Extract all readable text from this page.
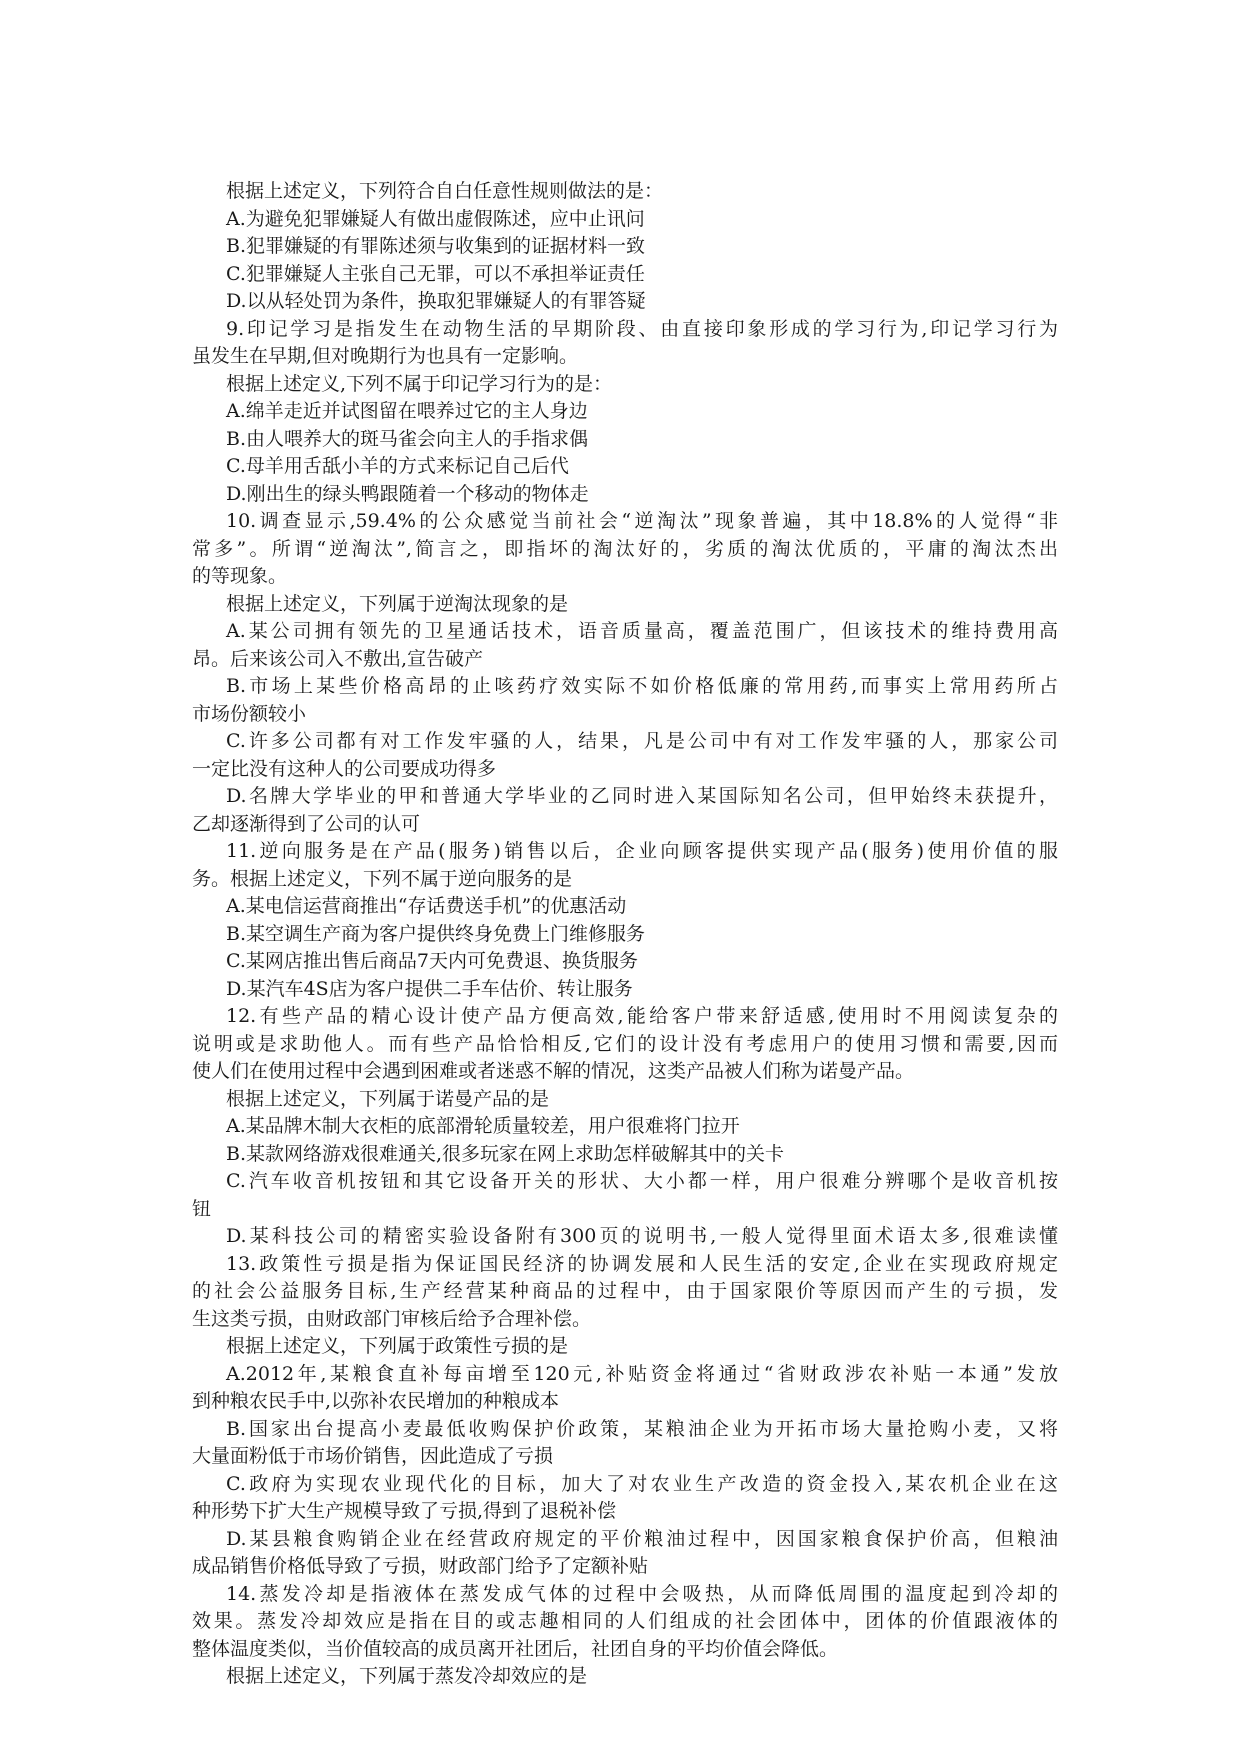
根据上述定义，下列符合自白任意性规则做法的是：
A.为避免犯罪嫌疑人有做出虚假陈述，应中止讯问
B.犯罪嫌疑的有罪陈述须与收集到的证据材料一致
C.犯罪嫌疑人主张自己无罪，可以不承担举证责任
D.以从轻处罚为条件，换取犯罪嫌疑人的有罪答疑
9.印记学习是指发生在动物生活的早期阶段、由直接印象形成的学习行为,印记学习行为
虽发生在早期,但对晚期行为也具有一定影响。
根据上述定义,下列不属于印记学习行为的是：
A.绵羊走近并试图留在喂养过它的主人身边
B.由人喂养大的斑马雀会向主人的手指求偶
C.母羊用舌舐小羊的方式来标记自己后代
D.刚出生的绿头鸭跟随着一个移动的物体走
10.调查显示,59.4%的公众感觉当前社会“逆淘汰”现象普遍，其中18.8%的人觉得“非
常多”。所谓“逆淘汰”,简言之，即指坏的淘汰好的，劣质的淘汰优质的，平庸的淘汰杰出
的等现象。
根据上述定义，下列属于逆淘汰现象的是
A.某公司拥有领先的卫星通话技术，语音质量高，覆盖范围广，但该技术的维持费用高
昂。后来该公司入不敷出,宣告破产
B.市场上某些价格高昂的止咳药疗效实际不如价格低廉的常用药,而事实上常用药所占
市场份额较小
C.许多公司都有对工作发牢骚的人，结果，凡是公司中有对工作发牢骚的人，那家公司
一定比没有这种人的公司要成功得多
D.名牌大学毕业的甲和普通大学毕业的乙同时进入某国际知名公司，但甲始终未获提升，
乙却逐渐得到了公司的认可
11.逆向服务是在产品(服务)销售以后，企业向顾客提供实现产品(服务)使用价值的服
务。根据上述定义，下列不属于逆向服务的是
A.某电信运营商推出“存话费送手机”的优惠活动
B.某空调生产商为客户提供终身免费上门维修服务
C.某网店推出售后商品7天内可免费退、换货服务
D.某汽车4S店为客户提供二手车估价、转让服务
12.有些产品的精心设计使产品方便高效,能给客户带来舒适感,使用时不用阅读复杂的
说明或是求助他人。而有些产品恰恰相反,它们的设计没有考虑用户的使用习惯和需要,因而
使人们在使用过程中会遇到困难或者迷惑不解的情况，这类产品被人们称为诺曼产品。
根据上述定义，下列属于诺曼产品的是
A.某品牌木制大衣柜的底部滑轮质量较差，用户很难将门拉开
B.某款网络游戏很难通关,很多玩家在网上求助怎样破解其中的关卡
C.汽车收音机按钮和其它设备开关的形状、大小都一样，用户很难分辨哪个是收音机按
钮
D.某科技公司的精密实验设备附有300页的说明书,一般人觉得里面术语太多,很难读懂
13.政策性亏损是指为保证国民经济的协调发展和人民生活的安定,企业在实现政府规定
的社会公益服务目标,生产经营某种商品的过程中，由于国家限价等原因而产生的亏损，发
生这类亏损，由财政部门审核后给予合理补偿。
根据上述定义，下列属于政策性亏损的是
A.2012年,某粮食直补每亩增至120元,补贴资金将通过“省财政涉农补贴一本通”发放
到种粮农民手中,以弥补农民增加的种粮成本
B.国家出台提高小麦最低收购保护价政策，某粮油企业为开拓市场大量抢购小麦，又将
大量面粉低于市场价销售，因此造成了亏损
C.政府为实现农业现代化的目标，加大了对农业生产改造的资金投入,某农机企业在这
种形势下扩大生产规模导致了亏损,得到了退税补偿
D.某县粮食购销企业在经营政府规定的平价粮油过程中，因国家粮食保护价高，但粮油
成品销售价格低导致了亏损，财政部门给予了定额补贴
14.蒸发冷却是指液体在蒸发成气体的过程中会吸热，从而降低周围的温度起到冷却的
效果。蒸发冷却效应是指在目的或志趣相同的人们组成的社会团体中，团体的价值跟液体的
整体温度类似，当价值较高的成员离开社团后，社团自身的平均价值会降低。
根据上述定义，下列属于蒸发冷却效应的是
